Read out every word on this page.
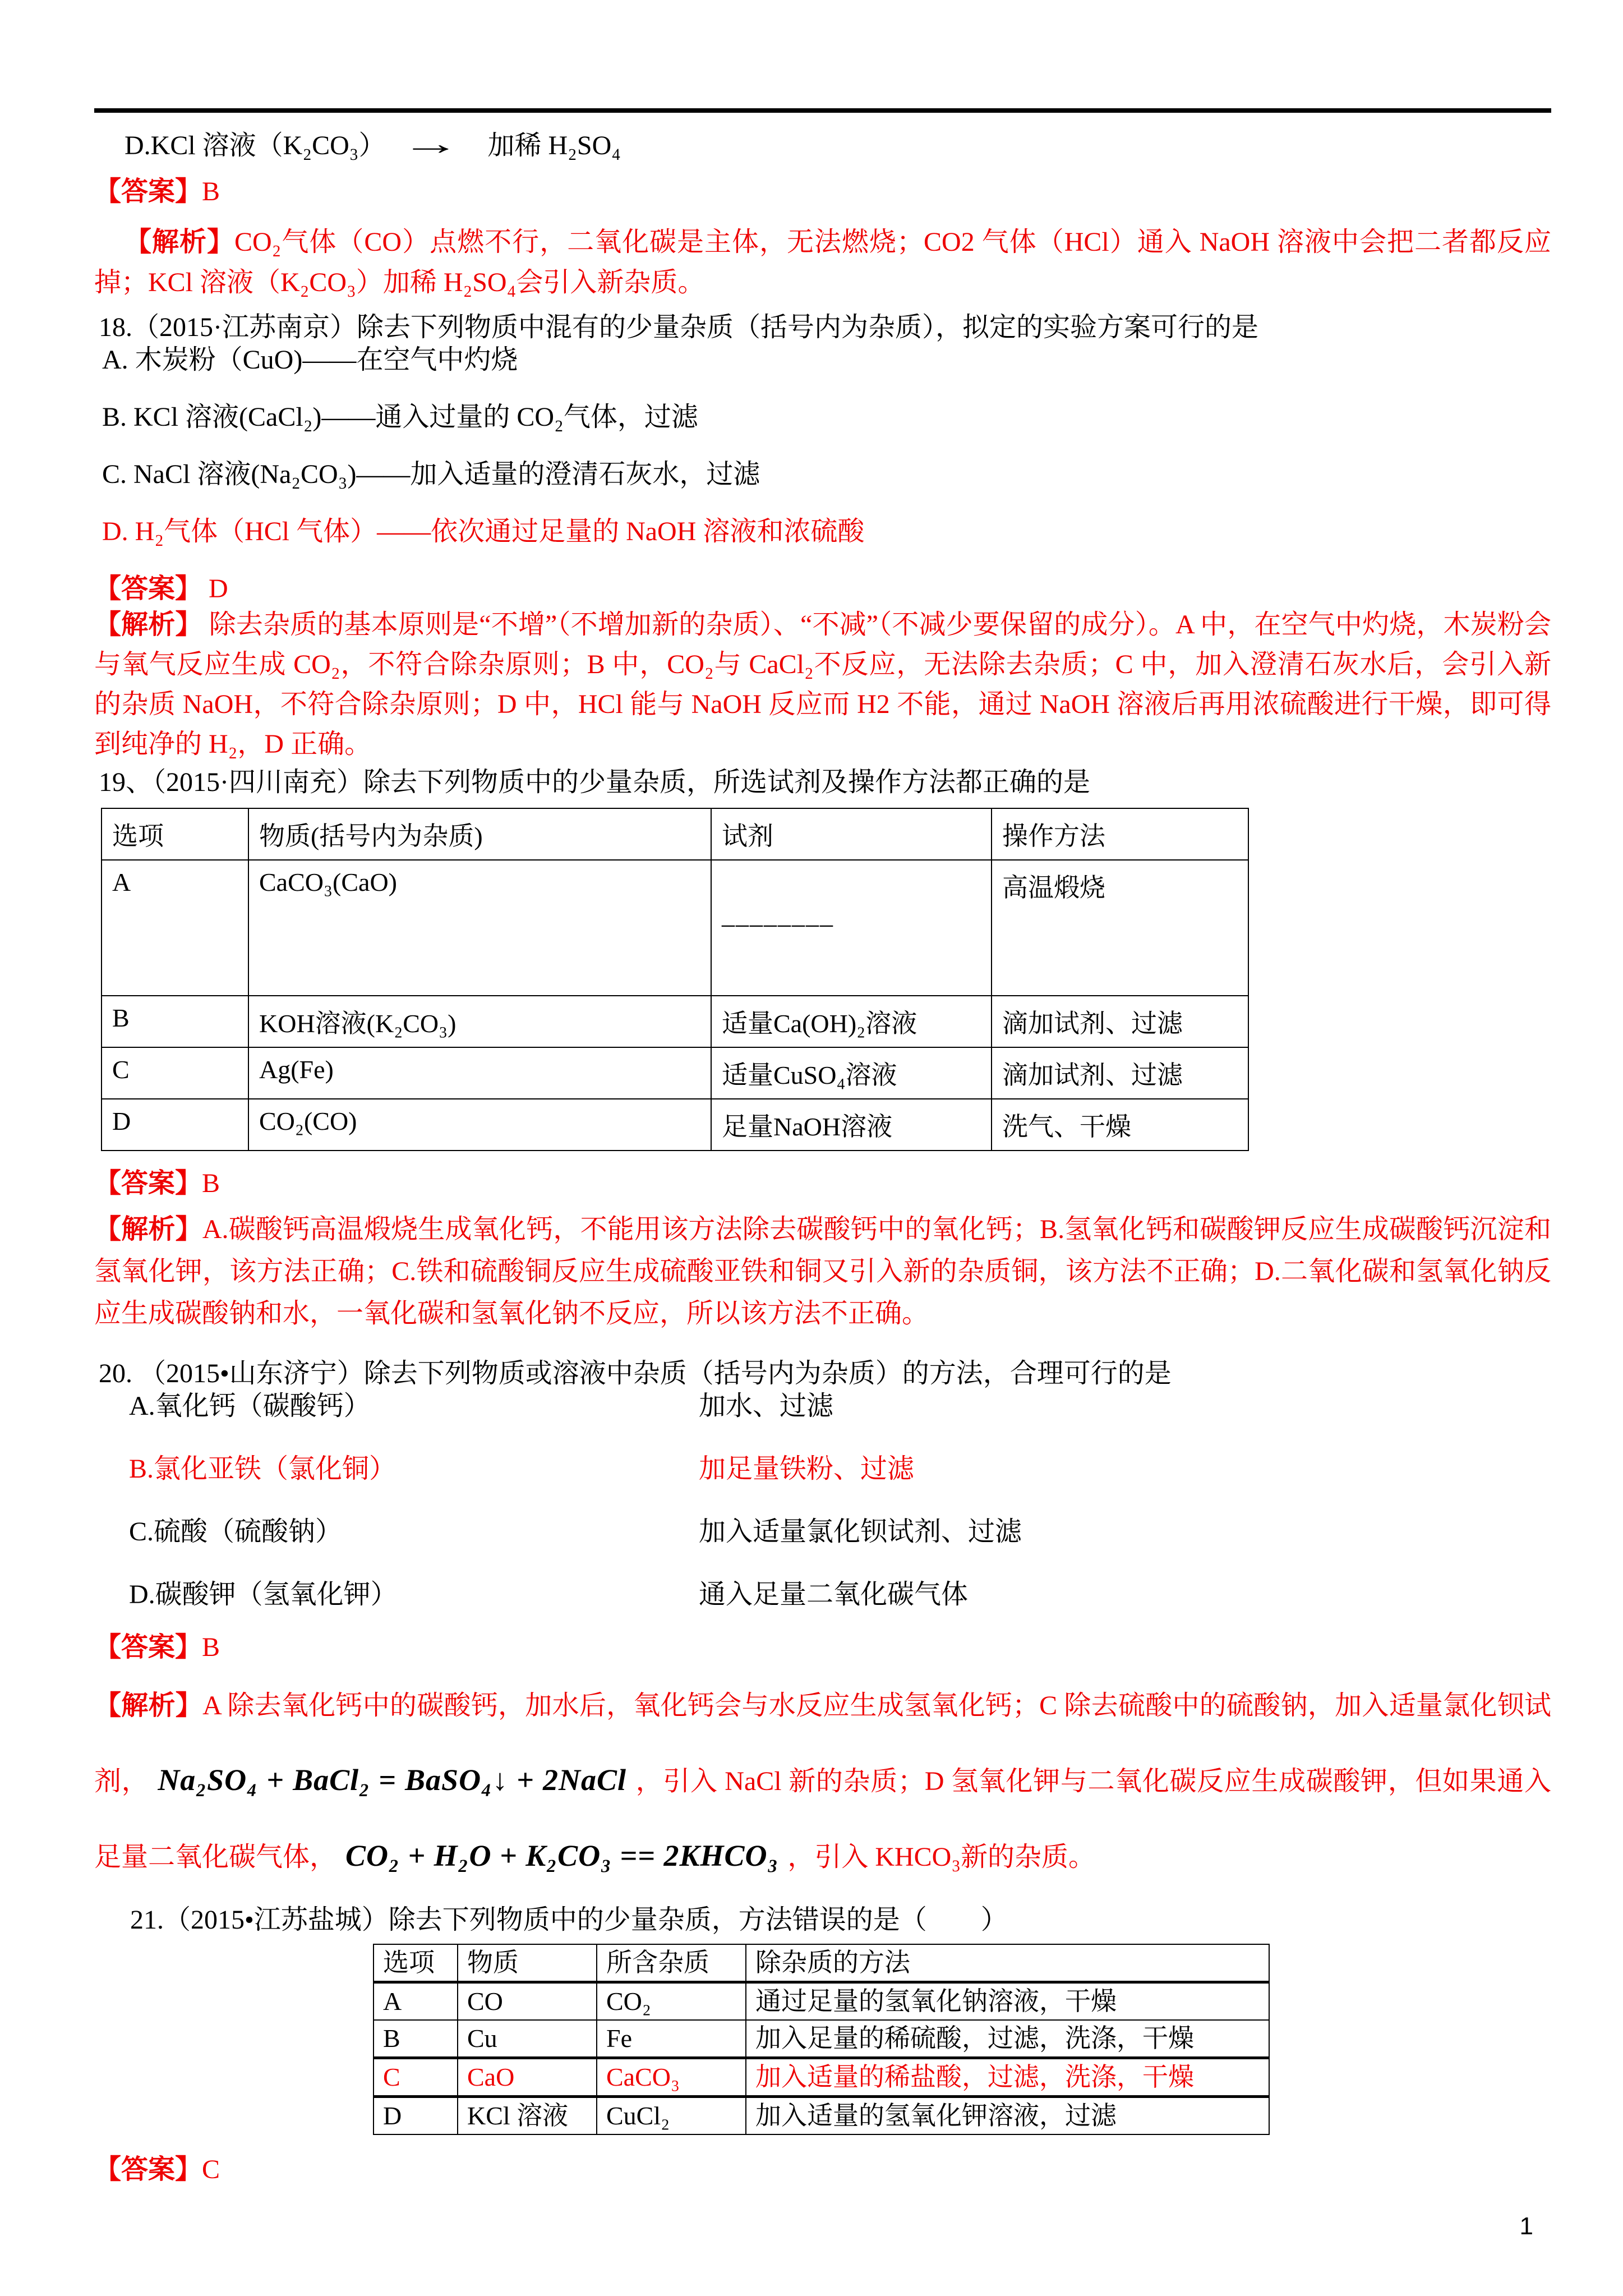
D.KCl 溶液（K₂CO₃） → 加稀 H₂SO₄

【答案】B

【解析】CO₂气体（CO）点燃不行，二氧化碳是主体，无法燃烧；CO2 气体（HCl）通入 NaOH 溶液中会把二者都反应掉；KCl 溶液（K₂CO₃）加稀 H₂SO₄会引入新杂质。

18.（2015·江苏南京）除去下列物质中混有的少量杂质（括号内为杂质），拟定的实验方案可行的是

A. 木炭粉（CuO)——在空气中灼烧

B. KCl 溶液(CaCl₂)——通入过量的 CO₂气体，过滤

C. NaCl 溶液(Na₂CO₃)——加入适量的澄清石灰水，过滤

D. H₂气体（HCl 气体）——依次通过足量的 NaOH 溶液和浓硫酸

【答案】 D

【解析】 除去杂质的基本原则是“不增”（不增加新的杂质）、“不减”（不减少要保留的成分）。A 中，在空气中灼烧，木炭粉会与氧气反应生成 CO₂，不符合除杂原则；B 中，CO₂与 CaCl₂不反应，无法除去杂质；C 中，加入澄清石灰水后，会引入新的杂质 NaOH，不符合除杂原则；D 中，HCl 能与 NaOH 反应而 H2 不能，通过 NaOH 溶液后再用浓硫酸进行干燥，即可得到纯净的 H₂，D 正确。

19、（2015·四川南充）除去下列物质中的少量杂质，所选试剂及操作方法都正确的是

选项	物质(括号内为杂质)	试剂	操作方法
A	CaCO₃(CaO)	________	高温煅烧
B	KOH溶液(K₂CO₃)	适量Ca(OH)₂溶液	滴加试剂、过滤
C	Ag(Fe)	适量CuSO₄溶液	滴加试剂、过滤
D	CO₂(CO)	足量NaOH溶液	洗气、干燥

【答案】B

【解析】A.碳酸钙高温煅烧生成氧化钙，不能用该方法除去碳酸钙中的氧化钙；B.氢氧化钙和碳酸钾反应生成碳酸钙沉淀和氢氧化钾，该方法正确；C.铁和硫酸铜反应生成硫酸亚铁和铜又引入新的杂质铜，该方法不正确；D.二氧化碳和氢氧化钠反应生成碳酸钠和水，一氧化碳和氢氧化钠不反应，所以该方法不正确。

20. （2015•山东济宁）除去下列物质或溶液中杂质（括号内为杂质）的方法，合理可行的是

A.氧化钙（碳酸钙）	加水、过滤
B.氯化亚铁（氯化铜）	加足量铁粉、过滤
C.硫酸（硫酸钠）	加入适量氯化钡试剂、过滤
D.碳酸钾（氢氧化钾）	通入足量二氧化碳气体

【答案】B

【解析】A 除去氧化钙中的碳酸钙，加水后，氧化钙会与水反应生成氢氧化钙；C 除去硫酸中的硫酸钠，加入适量氯化钡试剂， Na₂SO₄ + BaCl₂ = BaSO₄↓ + 2NaCl ，引入 NaCl 新的杂质；D 氢氧化钾与二氧化碳反应生成碳酸钾，但如果通入足量二氧化碳气体， CO₂ + H₂O + K₂CO₃ == 2KHCO₃ ，引入 KHCO₃新的杂质。

21.（2015•江苏盐城）除去下列物质中的少量杂质，方法错误的是（　　）

选项	物质	所含杂质	除杂质的方法
A	CO	CO₂	通过足量的氢氧化钠溶液，干燥
B	Cu	Fe	加入足量的稀硫酸，过滤，洗涤，干燥
C	CaO	CaCO₃	加入适量的稀盐酸，过滤，洗涤，干燥
D	KCl 溶液	CuCl₂	加入适量的氢氧化钾溶液，过滤

【答案】C

1
